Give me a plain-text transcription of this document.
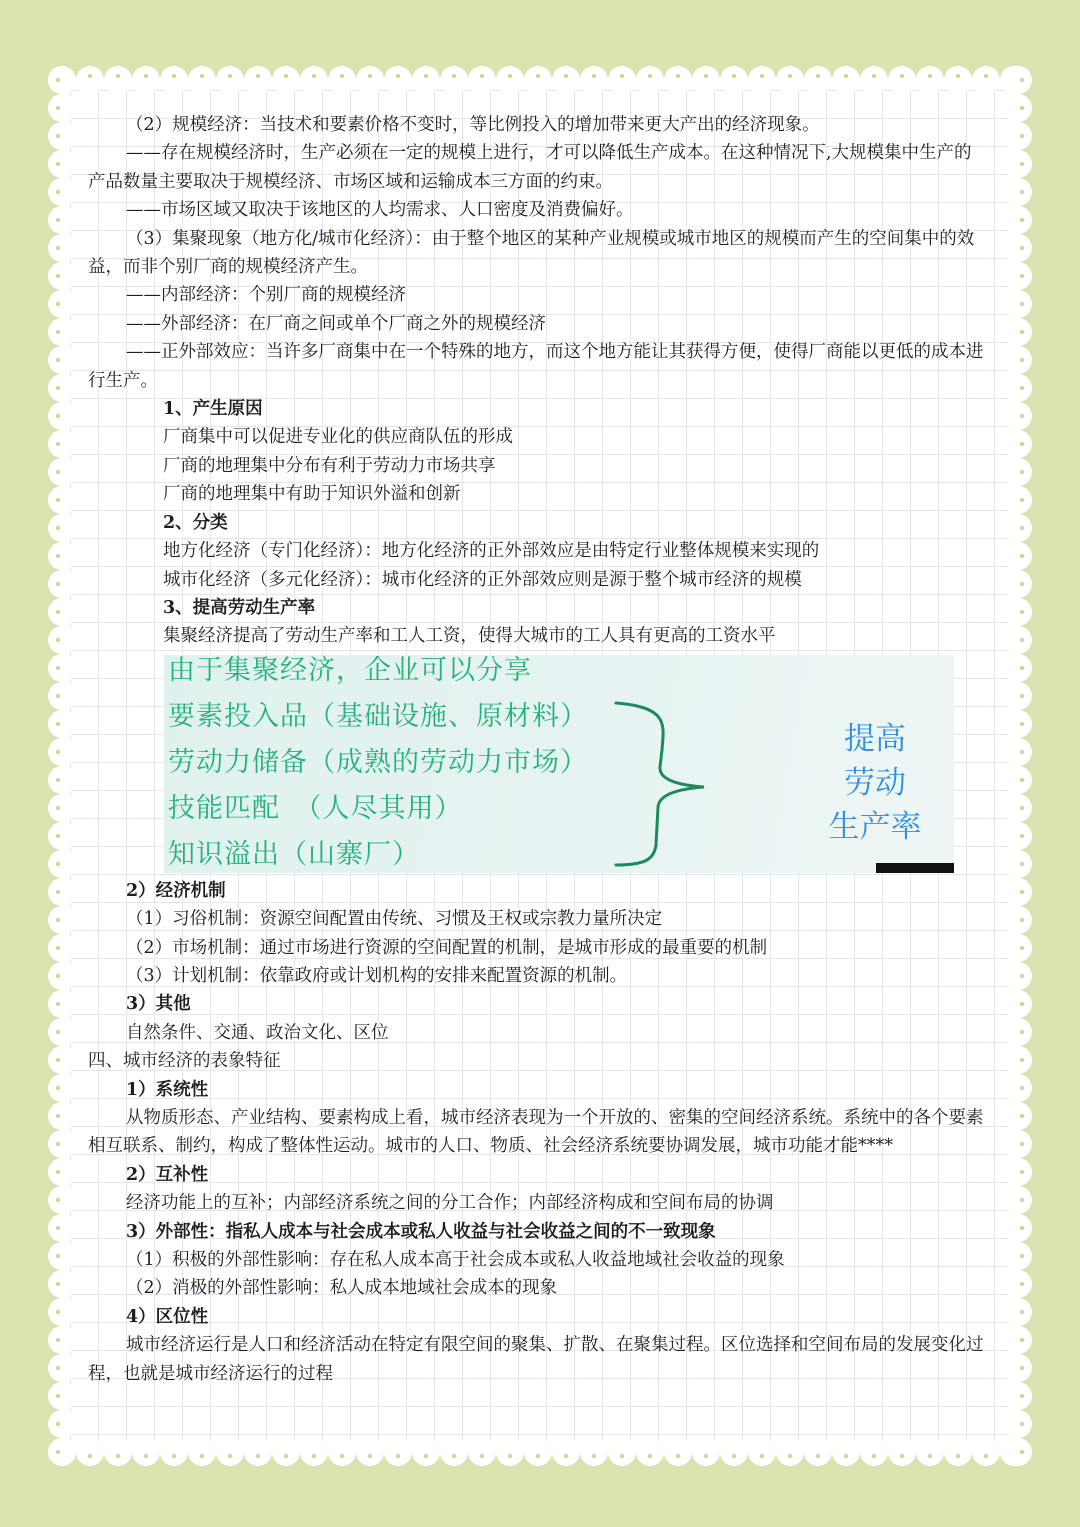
（2）规模经济：当技术和要素价格不变时，等比例投入的增加带来更大产出的经济现象。

——存在规模经济时，生产必须在一定的规模上进行，才可以降低生产成本。在这种情况下,大规模集中生产的产品数量主要取决于规模经济、市场区域和运输成本三方面的约束。

——市场区域又取决于该地区的人均需求、人口密度及消费偏好。

（3）集聚现象（地方化/城市化经济）：由于整个地区的某种产业规模或城市地区的规模而产生的空间集中的效益，而非个别厂商的规模经济产生。

——内部经济：个别厂商的规模经济

——外部经济：在厂商之间或单个厂商之外的规模经济

——正外部效应：当许多厂商集中在一个特殊的地方，而这个地方能让其获得方便，使得厂商能以更低的成本进行生产。

1、产生原因

厂商集中可以促进专业化的供应商队伍的形成

厂商的地理集中分布有利于劳动力市场共享

厂商的地理集中有助于知识外溢和创新

2、分类

地方化经济（专门化经济）：地方化经济的正外部效应是由特定行业整体规模来实现的

城市化经济（多元化经济）：城市化经济的正外部效应则是源于整个城市经济的规模

3、提高劳动生产率

集聚经济提高了劳动生产率和工人工资，使得大城市的工人具有更高的工资水平

由于集聚经济，企业可以分享
要素投入品（基础设施、原材料）
劳动力储备（成熟的劳动力市场）
技能匹配　（人尽其用）
知识溢出（山寨厂）
提高
劳动
生产率

2）经济机制

（1）习俗机制：资源空间配置由传统、习惯及王权或宗教力量所决定

（2）市场机制：通过市场进行资源的空间配置的机制，是城市形成的最重要的机制

（3）计划机制：依靠政府或计划机构的安排来配置资源的机制。

3）其他

自然条件、交通、政治文化、区位

四、城市经济的表象特征

1）系统性

从物质形态、产业结构、要素构成上看，城市经济表现为一个开放的、密集的空间经济系统。系统中的各个要素相互联系、制约，构成了整体性运动。城市的人口、物质、社会经济系统要协调发展，城市功能才能****

2）互补性

经济功能上的互补；内部经济系统之间的分工合作；内部经济构成和空间布局的协调

3）外部性：指私人成本与社会成本或私人收益与社会收益之间的不一致现象

（1）积极的外部性影响：存在私人成本高于社会成本或私人收益地域社会收益的现象

（2）消极的外部性影响：私人成本地域社会成本的现象

4）区位性

城市经济运行是人口和经济活动在特定有限空间的聚集、扩散、在聚集过程。区位选择和空间布局的发展变化过程，也就是城市经济运行的过程
